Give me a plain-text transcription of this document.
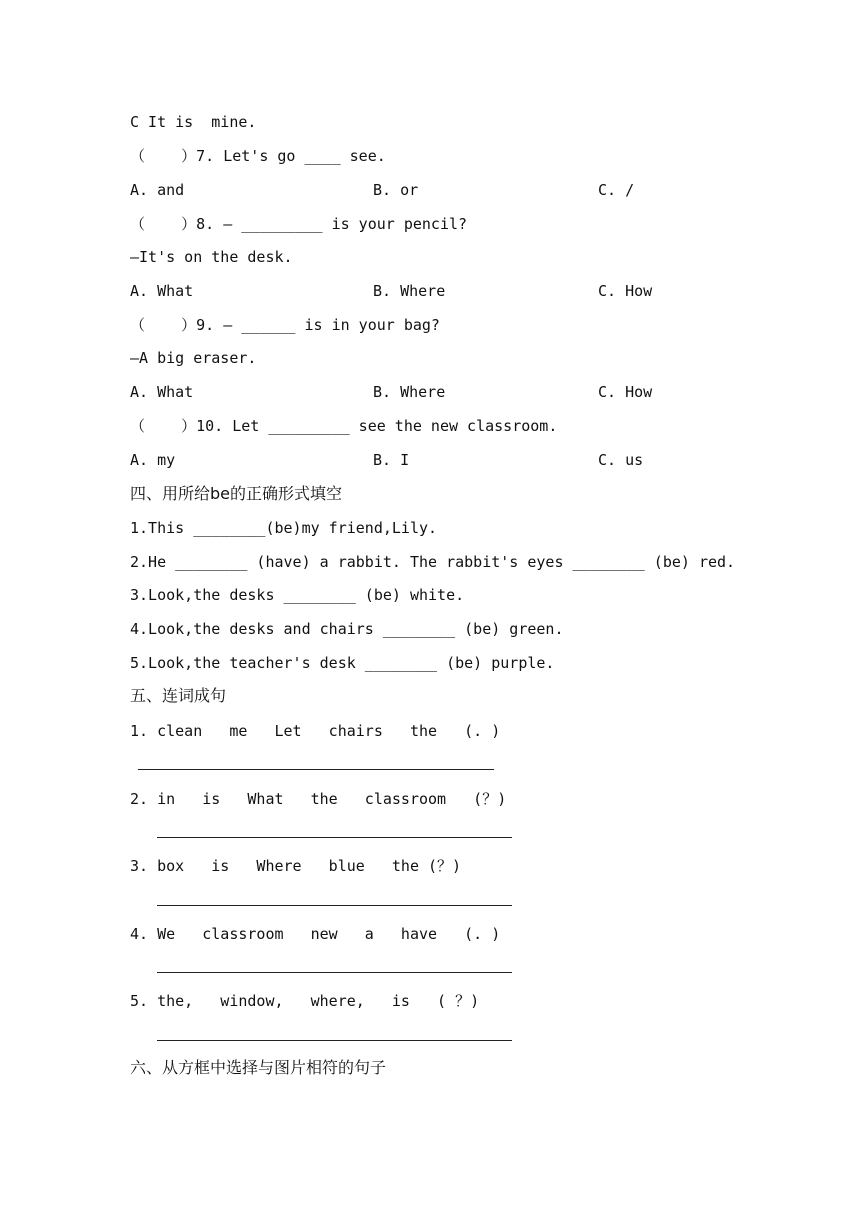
C It is  mine.
（    ）7. Let's go ____ see.
A. and	B. or	C. /
（    ）8. — _________ is your pencil?
—It's on the desk.
A. What	B. Where	C. How
（    ）9. — ______ is in your bag?
—A big eraser.
A. What	B. Where	C. How
（    ）10. Let _________ see the new classroom.
A. my	B. I	C. us
四、用所给be的正确形式填空
1.This ________(be)my friend,Lily.
2.He ________ (have) a rabbit. The rabbit's eyes ________ (be) red.
3.Look,the desks ________ (be) white.
4.Look,the desks and chairs ________ (be) green.
5.Look,the teacher's desk ________ (be) purple.
五、连词成句
1. clean   me   Let   chairs   the   (. )
2. in   is   What   the   classroom   (？)
3. box   is   Where   blue   the (？)
4. We   classroom   new   a   have   (. )
5. the,   window,   where,   is   ( ？)
六、从方框中选择与图片相符的句子
